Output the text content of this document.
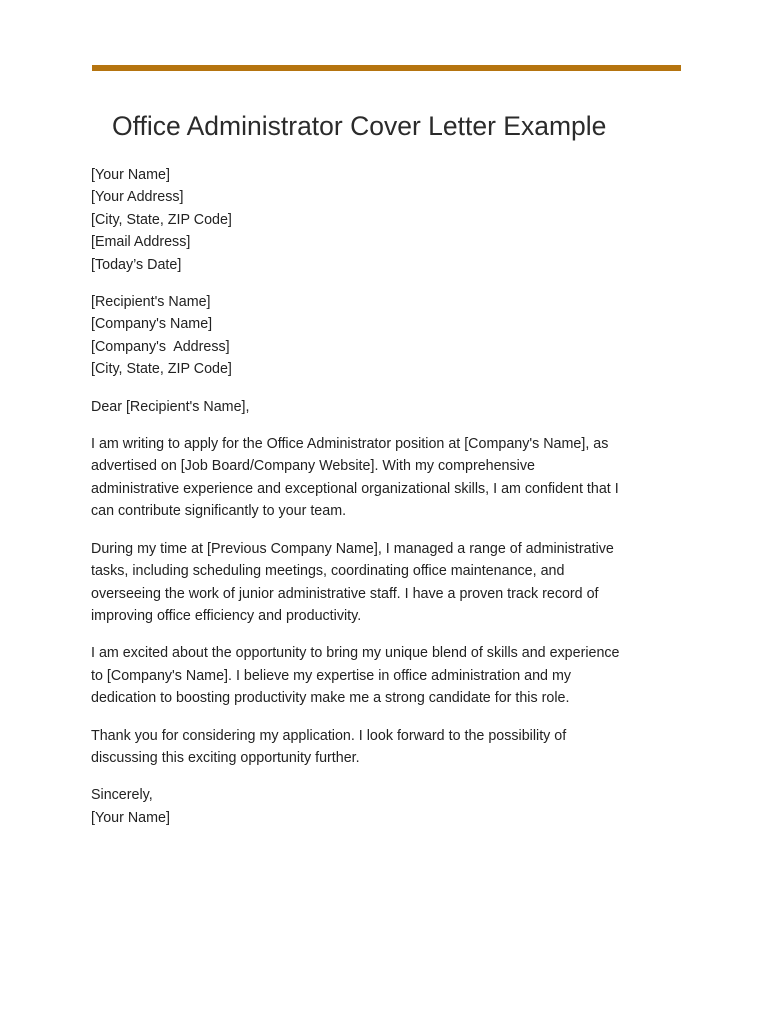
Office Administrator Cover Letter Example
[Your Name]
[Your Address]
[City, State, ZIP Code]
[Email Address]
[Today’s Date]
[Recipient's Name]
[Company's Name]
[Company's  Address]
[City, State, ZIP Code]
Dear [Recipient's Name],
I am writing to apply for the Office Administrator position at [Company's Name], as
advertised on [Job Board/Company Website]. With my comprehensive
administrative experience and exceptional organizational skills, I am confident that I
can contribute significantly to your team.
During my time at [Previous Company Name], I managed a range of administrative
tasks, including scheduling meetings, coordinating office maintenance, and
overseeing the work of junior administrative staff. I have a proven track record of
improving office efficiency and productivity.
I am excited about the opportunity to bring my unique blend of skills and experience
to [Company's Name]. I believe my expertise in office administration and my
dedication to boosting productivity make me a strong candidate for this role.
Thank you for considering my application. I look forward to the possibility of
discussing this exciting opportunity further.
Sincerely,
[Your Name]
